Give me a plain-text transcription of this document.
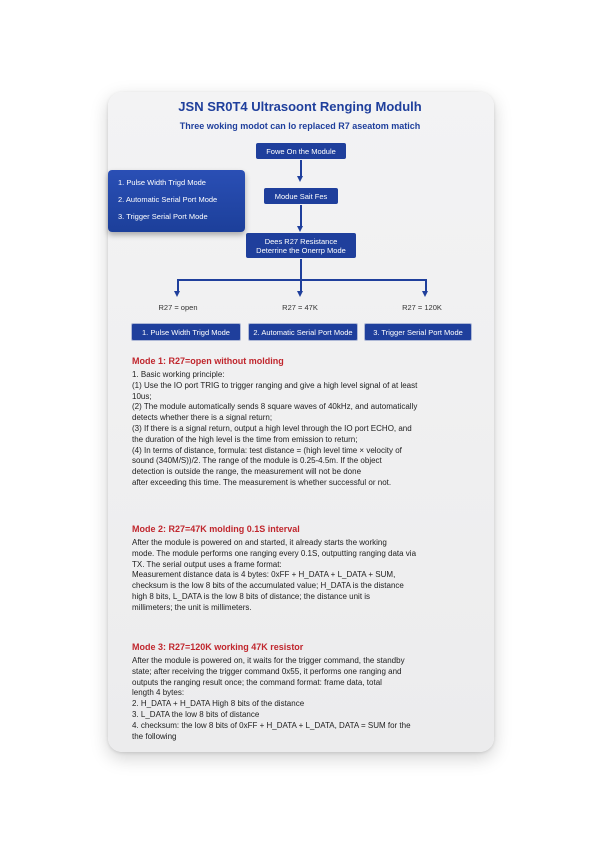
JSN SR0T4 Ultrasoont Renging Modulh
Three woking modot can lo replaced R7 aseatom matich
Fowe On the Module
Modue Sait Fes
Dees R27 Resistance
Deterrine the Onerrp Mode
R27 = open	R27 = 47K	R27 = 120K
1. Pulse Width Trigd Mode
2. Automatic Serial Port Mode
3. Trigger Serial Port Mode
1. Pulse Width Trigd Mode	2. Automatic Serial Port Mode	3. Trigger Serial Port Mode
Mode 1: R27=open without molding
1. Basic working principle:
(1) Use the IO port TRIG to trigger ranging and give a high level signal of at least
10us;
(2) The module automatically sends 8 square waves of 40kHz, and automatically
detects whether there is a signal return;
(3) If there is a signal return, output a high level through the IO port ECHO, and
the duration of the high level is the time from emission to return;
(4) In terms of distance, formula: test distance = (high level time × velocity of
sound (340M/S))/2. The range of the module is 0.25-4.5m. If the object
detection is outside the range, the measurement will not be done
after exceeding this time. The measurement is whether successful or not.
Mode 2: R27=47K molding 0.1S interval
After the module is powered on and started, it already starts the working
mode. The module performs one ranging every 0.1S, outputting ranging data via
TX. The serial output uses a frame format:
Measurement distance data is 4 bytes: 0xFF + H_DATA + L_DATA + SUM,
checksum is the low 8 bits of the accumulated value; H_DATA is the distance
high 8 bits, L_DATA is the low 8 bits of distance; the distance unit is
millimeters; the unit is millimeters.
Mode 3: R27=120K working 47K resistor
After the module is powered on, it waits for the trigger command, the standby
state; after receiving the trigger command 0x55, it performs one ranging and
outputs the ranging result once; the command format: frame data, total
length 4 bytes:
2. H_DATA + H_DATA High 8 bits of the distance
3. L_DATA the low 8 bits of distance
4. checksum: the low 8 bits of 0xFF + H_DATA + L_DATA, DATA = SUM for the
the following
